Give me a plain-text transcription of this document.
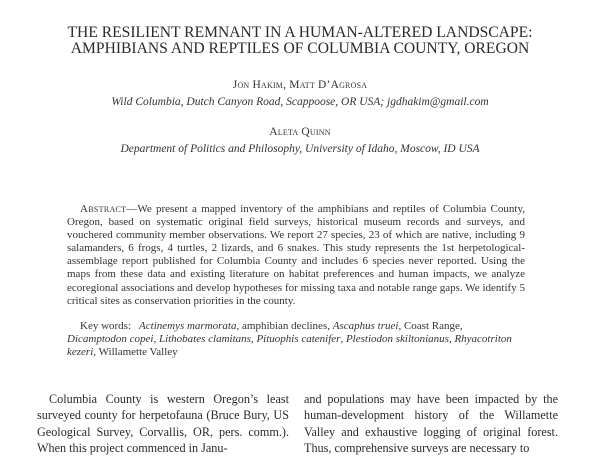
THE RESILIENT REMNANT IN A HUMAN-ALTERED LANDSCAPE:
AMPHIBIANS AND REPTILES OF COLUMBIA COUNTY, OREGON
Jon Hakim, Matt D’Agrosa
Wild Columbia, Dutch Canyon Road, Scappoose, OR USA; jgdhakim@gmail.com
Aleta Quinn
Department of Politics and Philosophy, University of Idaho, Moscow, ID USA
Abstract—We present a mapped inventory of the amphibians and reptiles of Columbia County, Oregon, based on systematic original field surveys, historical museum records and surveys, and vouchered community member observations. We report 27 species, 23 of which are native, including 9 salamanders, 6 frogs, 4 turtles, 2 lizards, and 6 snakes. This study represents the 1st herpetological-assemblage report published for Columbia County and includes 6 species never reported. Using the maps from these data and existing literature on habitat preferences and human impacts, we analyze ecoregional associations and develop hypotheses for missing taxa and notable range gaps. We identify 5 critical sites as conservation priorities in the county.
Key words: Actinemys marmorata, amphibian declines, Ascaphus truei, Coast Range, Dicamptodon copei, Lithobates clamitans, Pituophis catenifer, Plestiodon skiltonianus, Rhyacotriton kezeri, Willamette Valley
Columbia County is western Oregon’s least surveyed county for herpetofauna (Bruce Bury, US Geological Survey, Corvallis, OR, pers. comm.). When this project commenced in Janu-
and populations may have been impacted by the human-development history of the Willamette Valley and exhaustive logging of original forest. Thus, comprehensive surveys are necessary to
